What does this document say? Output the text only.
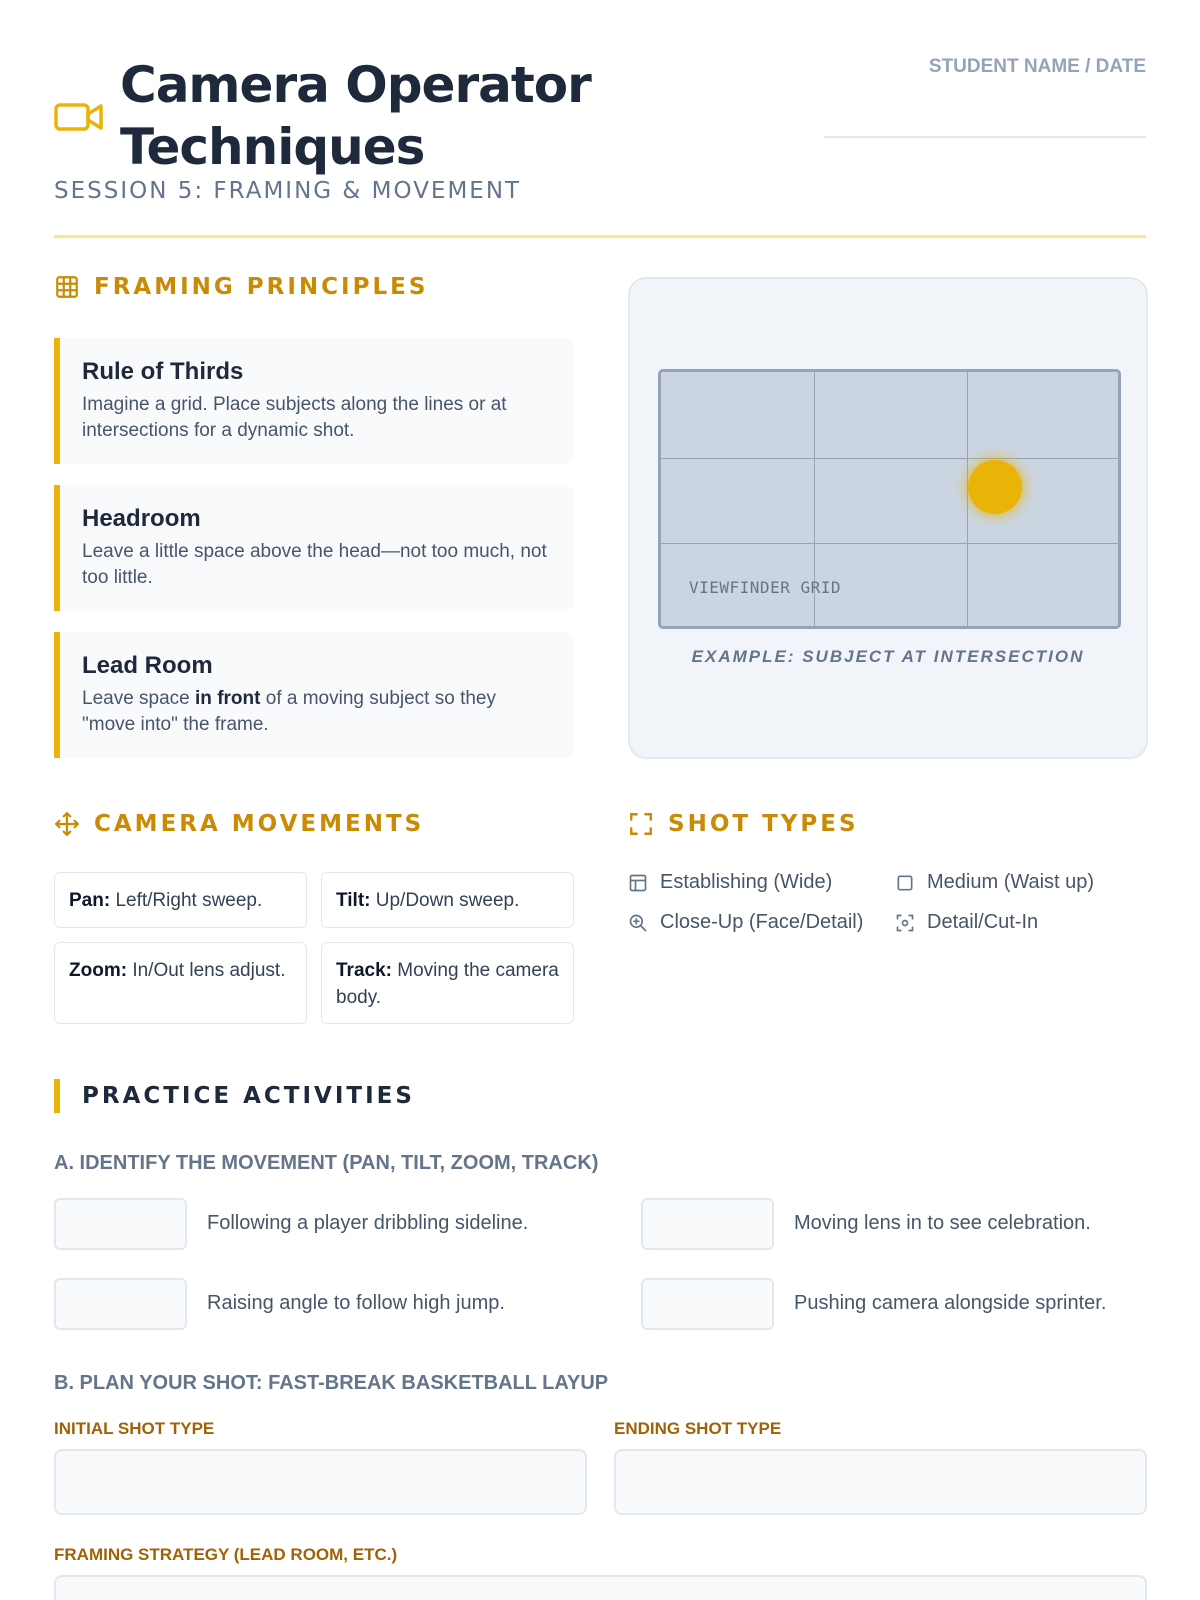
Camera Operator Techniques
SESSION 5: FRAMING & MOVEMENT
STUDENT NAME / DATE
FRAMING PRINCIPLES
Rule of Thirds
Imagine a grid. Place subjects along the lines or at intersections for a dynamic shot.
Headroom
Leave a little space above the head—not too much, not too little.
Lead Room
Leave space in front of a moving subject so they "move into" the frame.
VIEWFINDER GRID
EXAMPLE: SUBJECT AT INTERSECTION
CAMERA MOVEMENTS
Pan: Left/Right sweep.	Tilt: Up/Down sweep.
Zoom: In/Out lens adjust.	Track: Moving the camera body.
SHOT TYPES
Establishing (Wide)	Medium (Waist up)
Close-Up (Face/Detail)	Detail/Cut-In
PRACTICE ACTIVITIES
A. IDENTIFY THE MOVEMENT (PAN, TILT, ZOOM, TRACK)
Following a player dribbling sideline.	Moving lens in to see celebration.
Raising angle to follow high jump.	Pushing camera alongside sprinter.
B. PLAN YOUR SHOT: FAST-BREAK BASKETBALL LAYUP
INITIAL SHOT TYPE	ENDING SHOT TYPE
FRAMING STRATEGY (LEAD ROOM, ETC.)
